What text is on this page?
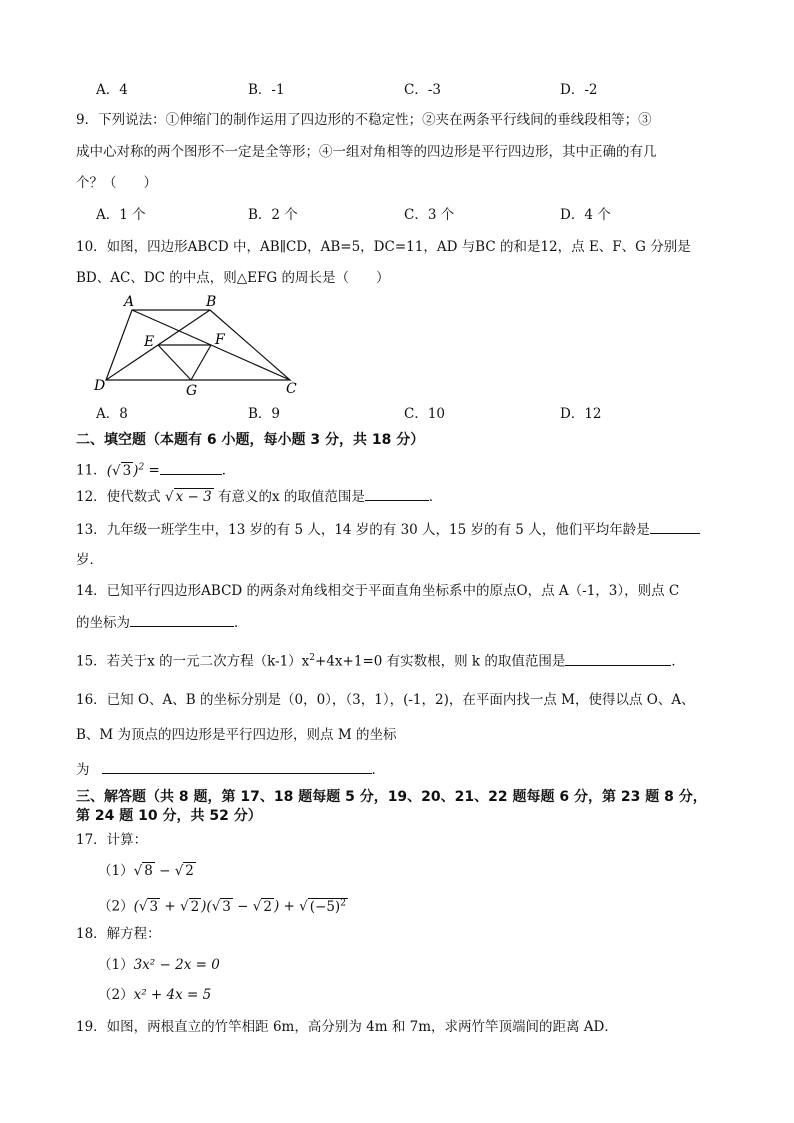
A．4	B．-1	C．-3	D．-2
9．下列说法：①伸缩门的制作运用了四边形的不稳定性；②夹在两条平行线间的垂线段相等；③
成中心对称的两个图形不一定是全等形；④一组对角相等的四边形是平行四边形，其中正确的有几
个？（　　）
A．1 个	B．2 个	C．3 个	D．4 个
10．如图，四边形ABCD 中，AB∥CD，AB=5，DC=11，AD 与BC 的和是12，点 E、F、G 分别是
BD、AC、DC 的中点，则△EFG 的周长是（　　）
A	B
C
D
E	F
G
A．8	B．9	C．10	D．12
二、填空题（本题有 6 小题，每小题 3 分，共 18 分）
11．(√ 3 )$^2$ =	．
12．使代数式 √ x − 3 有意义的x 的取值范围是	．
13．九年级一班学生中，13 岁的有 5 人，14 岁的有 30 人，15 岁的有 5 人，他们平均年龄是
岁．
14．已知平行四边形ABCD 的两条对角线相交于平面直角坐标系中的原点O，点 A（-1，3），则点 C
的坐标为	．
15．若关于x 的一元二次方程$(k-1)x^2+4x+1=0$ 有实数根，则 k 的取值范围是	．
16．已知 O、A、B 的坐标分别是（0，0），（3，1），(-1，2)，在平面内找一点 M，使得以点 O、A、
B、M 为顶点的四边形是平行四边形，则点 M 的坐标
为	．
三、解答题（共 8 题，第 17、18 题每题 5 分，19、20、21、22 题每题 6 分，第 23 题 8 分，
第 24 题 10 分，共 52 分）
17．计算：
（1）√ 8 − √ 2
（2）(√ 3 + √ 2 )(√ 3 − √ 2 ) + √ $(-5)^2$
18．解方程：
（1）3x² − 2x = 0
（2）x² + 4x = 5
19．如图，两根直立的竹竿相距 6m，高分别为 4m 和 7m，求两竹竿顶端间的距离 AD．
